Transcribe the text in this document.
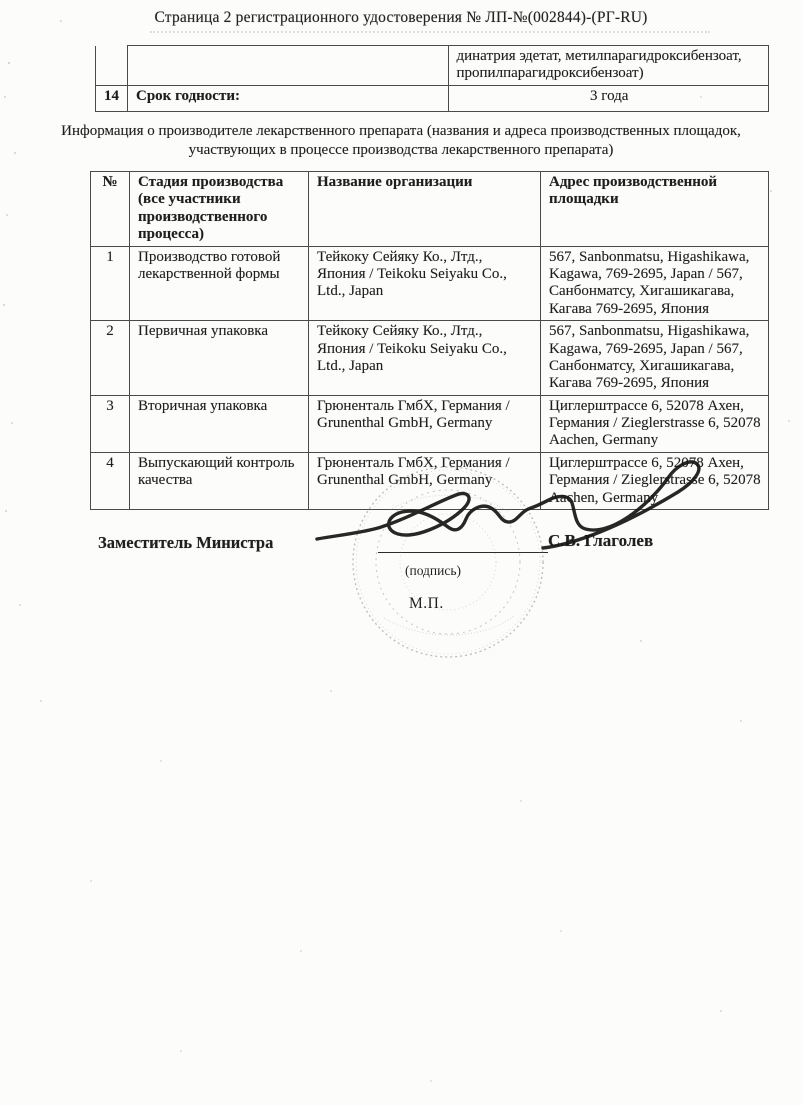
Страница 2 регистрационного удостоверения № ЛП-№(002844)-(РГ-RU)
		динатрия эдетат, метилпарагидроксибензоат, пропилпарагидроксибензоат)
14	Срок годности:	3 года
Информация о производителе лекарственного препарата (названия и адреса производственных площадок, участвующих в процессе производства лекарственного препарата)
№	Стадия производства (все участники производственного процесса)	Название организации	Адрес производственной площадки
1	Производство готовой лекарственной формы	Тейкоку Сейяку Ко., Лтд., Япония / Teikoku Seiyaku Co., Ltd., Japan	567, Sanbonmatsu, Higashikawa, Kagawa, 769-2695, Japan / 567, Санбонматсу, Хигашикагава, Кагава 769-2695, Япония
2	Первичная упаковка	Тейкоку Сейяку Ко., Лтд., Япония / Teikoku Seiyaku Co., Ltd., Japan	567, Sanbonmatsu, Higashikawa, Kagawa, 769-2695, Japan / 567, Санбонматсу, Хигашикагава, Кагава 769-2695, Япония
3	Вторичная упаковка	Грюненталь ГмбХ, Германия / Grunenthal GmbH, Germany	Циглерштрассе 6, 52078 Ахен, Германия / Zieglerstrasse 6, 52078 Aachen, Germany
4	Выпускающий контроль качества	Грюненталь ГмбХ, Германия / Grunenthal GmbH, Germany	Циглерштрассе 6, 52078 Ахен, Германия / Zieglerstrasse 6, 52078 Aachen, Germany
Заместитель Министра	С.В. Глаголев
(подпись)
М.П.
